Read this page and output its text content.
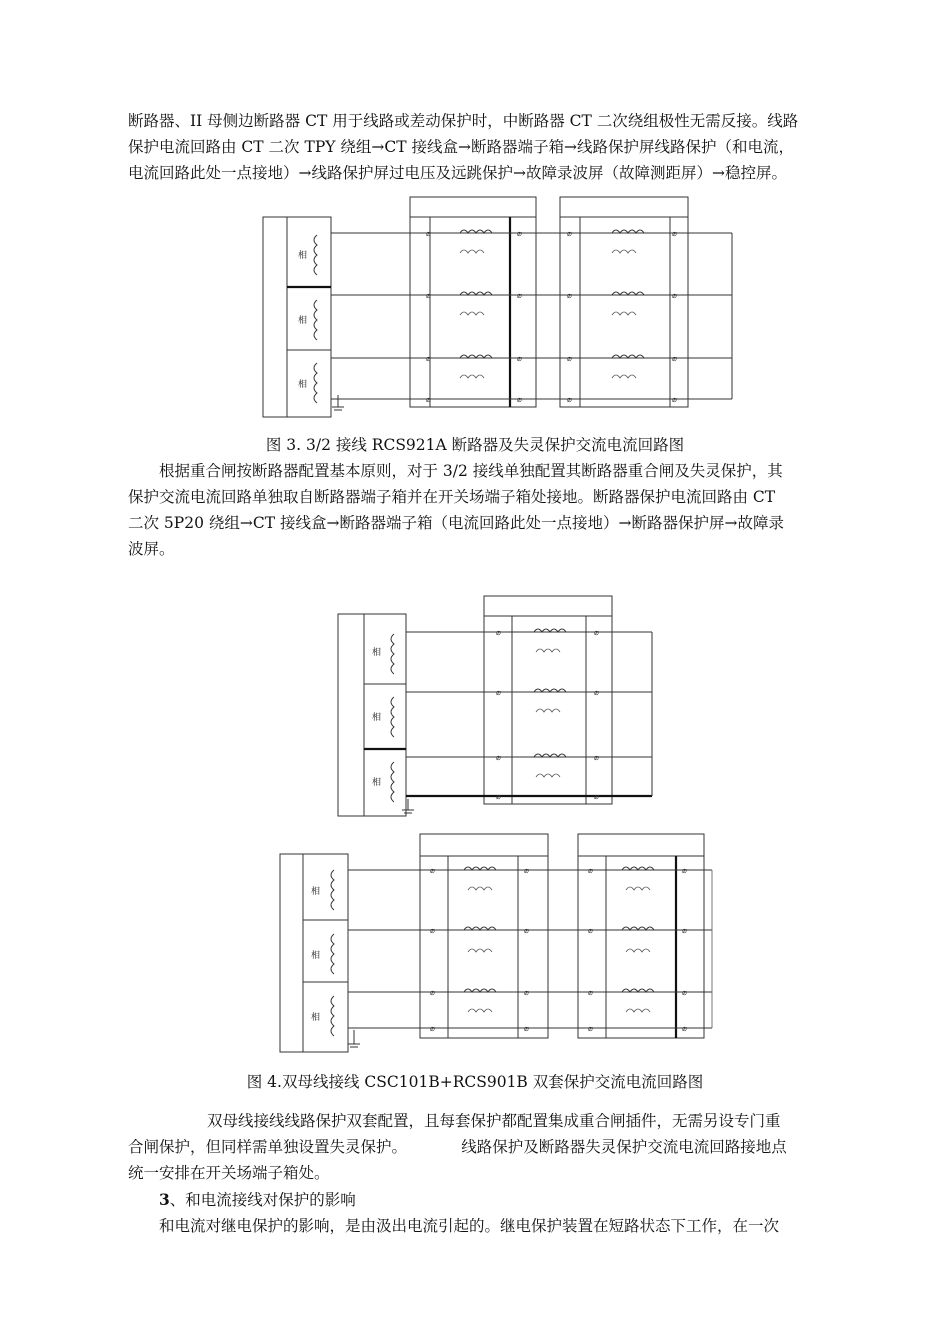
断路器、II 母侧边断路器 CT 用于线路或差动保护时，中断路器 CT 二次绕组极性无需反接。线路
保护电流回路由 CT 二次 TPY 绕组→CT 接线盒→断路器端子箱→线路保护屏线路保护（和电流，
电流回路此处一点接地）→线路保护屏过电压及远跳保护→故障录波屏（故障测距屏）→稳控屏。

相
相
相
⌀	⌀	⌀	⌀
⌀	⌀	⌀	⌀
⌀	⌀	⌀	⌀
⌀	⌀	⌀	⌀

图 3. 3/2 接线 RCS921A 断路器及失灵保护交流电流回路图

根据重合闸按断路器配置基本原则，对于 3/2 接线单独配置其断路器重合闸及失灵保护，其
保护交流电流回路单独取自断路器端子箱并在开关场端子箱处接地。断路器保护电流回路由 CT
二次 5P20 绕组→CT 接线盒→断路器端子箱（电流回路此处一点接地）→断路器保护屏→故障录
波屏。

相
相
相
⌀	⌀
⌀	⌀
⌀	⌀
⌀	⌀
相
相
相
⌀	⌀	⌀	⌀
⌀	⌀	⌀	⌀
⌀	⌀	⌀	⌀
⌀	⌀	⌀	⌀

图 4.双母线接线 CSC101B+RCS901B 双套保护交流电流回路图

双母线接线线路保护双套配置，且每套保护都配置集成重合闸插件，无需另设专门重
合闸保护，但同样需单独设置失灵保护。           线路保护及断路器失灵保护交流电流回路接地点
统一安排在开关场端子箱处。

3、和电流接线对保护的影响

和电流对继电保护的影响，是由汲出电流引起的。继电保护装置在短路状态下工作，在一次
